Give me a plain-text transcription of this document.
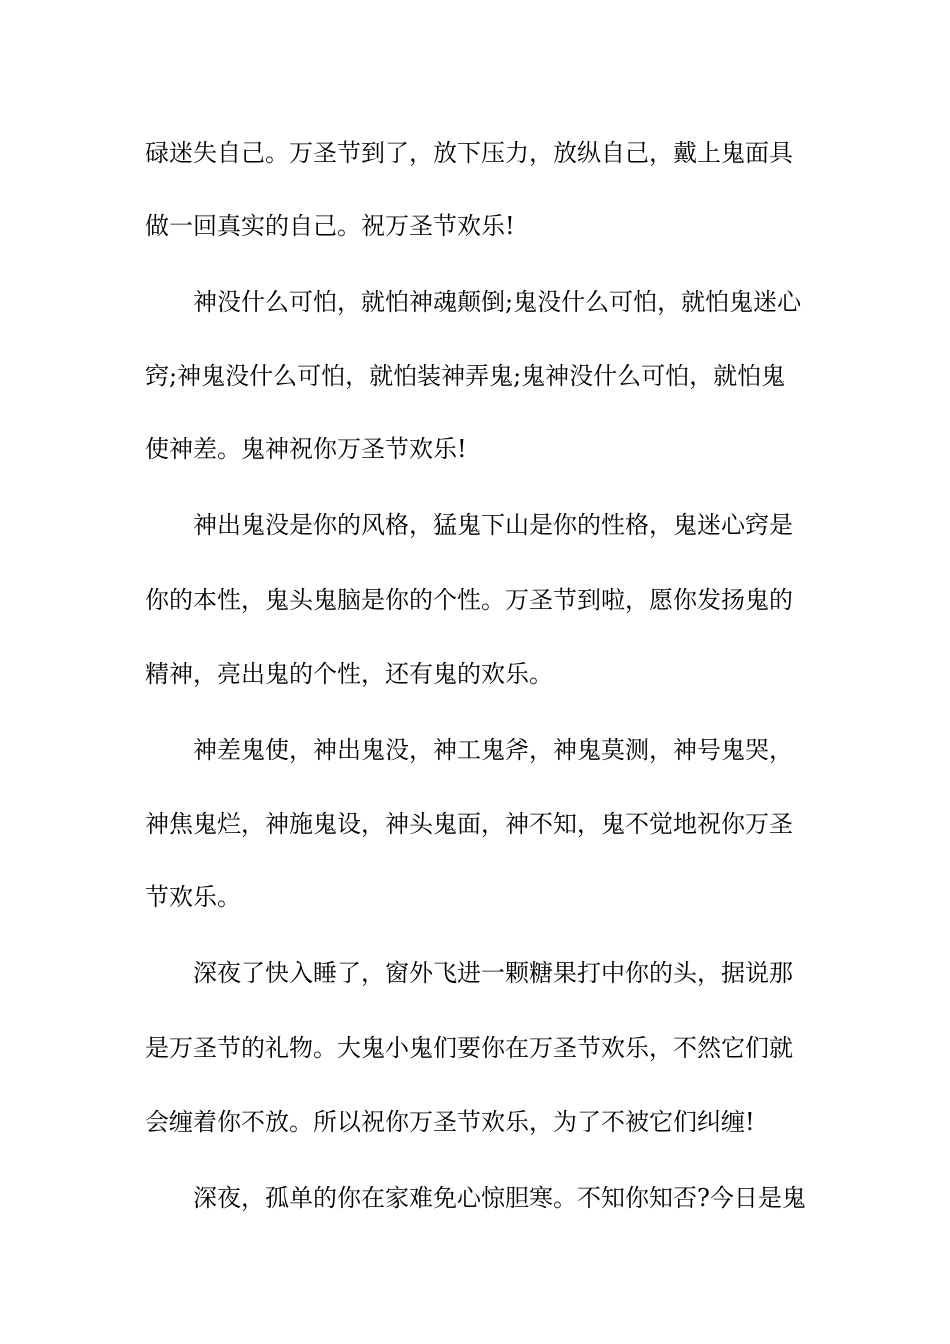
碌迷失自己。万圣节到了，放下压力，放纵自己，戴上鬼面具
做一回真实的自己。祝万圣节欢乐!
神没什么可怕，就怕神魂颠倒;鬼没什么可怕，就怕鬼迷心
窍;神鬼没什么可怕，就怕装神弄鬼;鬼神没什么可怕，就怕鬼
使神差。鬼神祝你万圣节欢乐!
神出鬼没是你的风格，猛鬼下山是你的性格，鬼迷心窍是
你的本性，鬼头鬼脑是你的个性。万圣节到啦，愿你发扬鬼的
精神，亮出鬼的个性，还有鬼的欢乐。
神差鬼使，神出鬼没，神工鬼斧，神鬼莫测，神号鬼哭，
神焦鬼烂，神施鬼设，神头鬼面，神不知，鬼不觉地祝你万圣
节欢乐。
深夜了快入睡了，窗外飞进一颗糖果打中你的头，据说那
是万圣节的礼物。大鬼小鬼们要你在万圣节欢乐，不然它们就
会缠着你不放。所以祝你万圣节欢乐，为了不被它们纠缠!
深夜，孤单的你在家难免心惊胆寒。不知你知否?今日是鬼
